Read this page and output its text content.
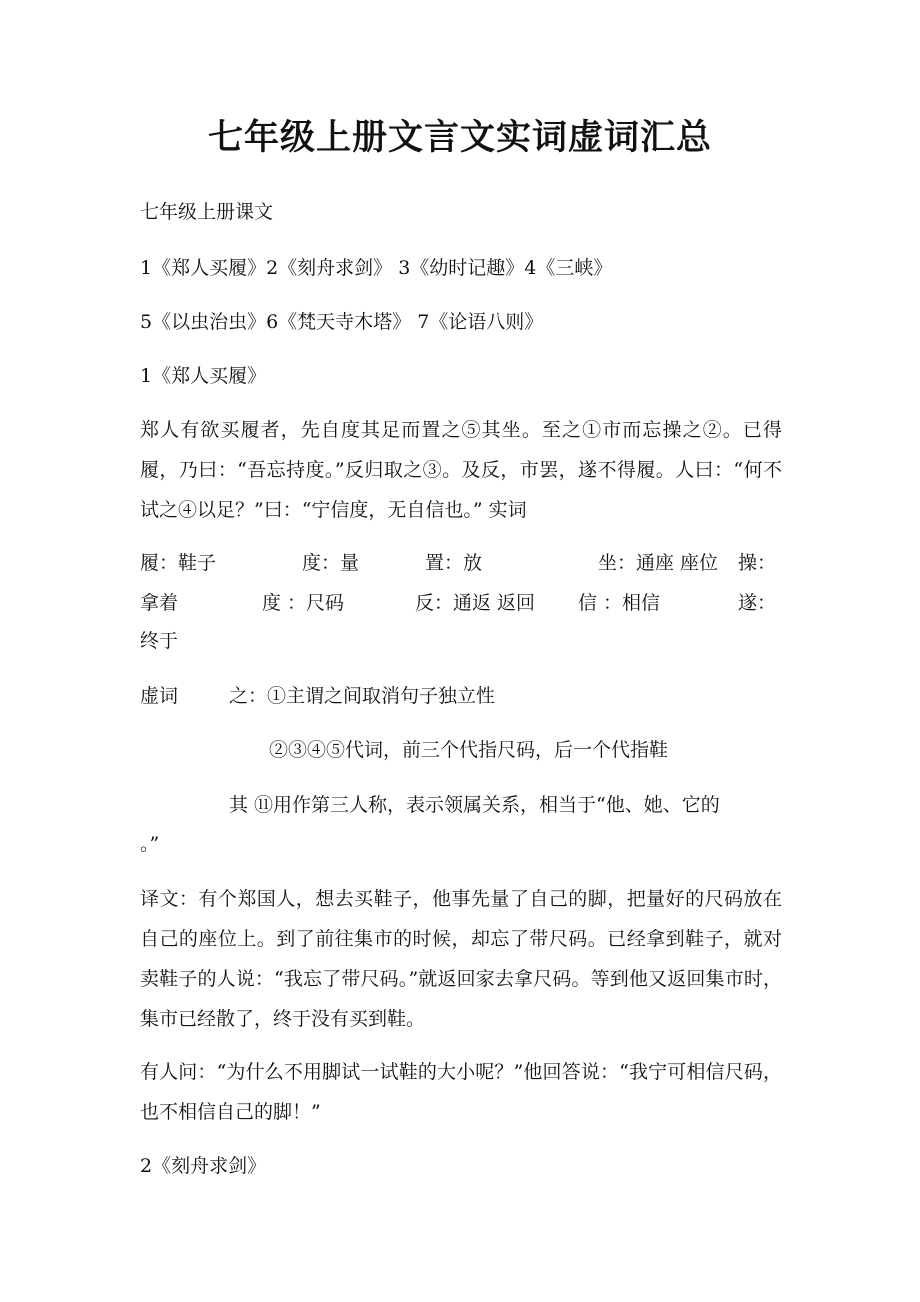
七年级上册文言文实词虚词汇总
七年级上册课文
1《郑人买履》2《刻舟求剑》 3《幼时记趣》4《三峡》
5《以虫治虫》6《梵天寺木塔》 7《论语八则》
1《郑人买履》
郑人有欲买履者，先自度其足而置之⑤其坐。至之①市而忘操之②。已得履，乃曰：“吾忘持度。”反归取之③。及反，市罢，遂不得履。人曰：“何不试之④以足？”曰：“宁信度，无自信也。” 实词
履：鞋子	度：量	置：放	坐：通座 座位 操：
拿着	度 ：尺码	反：通返 返回 信 ：相信	遂：
终于
虚词	之：①主谓之间取消句子独立性
②③④⑤代词，前三个代指尺码，后一个代指鞋
其 ⑪用作第三人称，表示领属关系，相当于“他、她、它的
。”
译文：有个郑国人，想去买鞋子，他事先量了自己的脚，把量好的尺码放在自己的座位上。到了前往集市的时候，却忘了带尺码。已经拿到鞋子，就对卖鞋子的人说：“我忘了带尺码。”就返回家去拿尺码。等到他又返回集市时，集市已经散了，终于没有买到鞋。
有人问：“为什么不用脚试一试鞋的大小呢？”他回答说：“我宁可相信尺码，也不相信自己的脚！”
2《刻舟求剑》
